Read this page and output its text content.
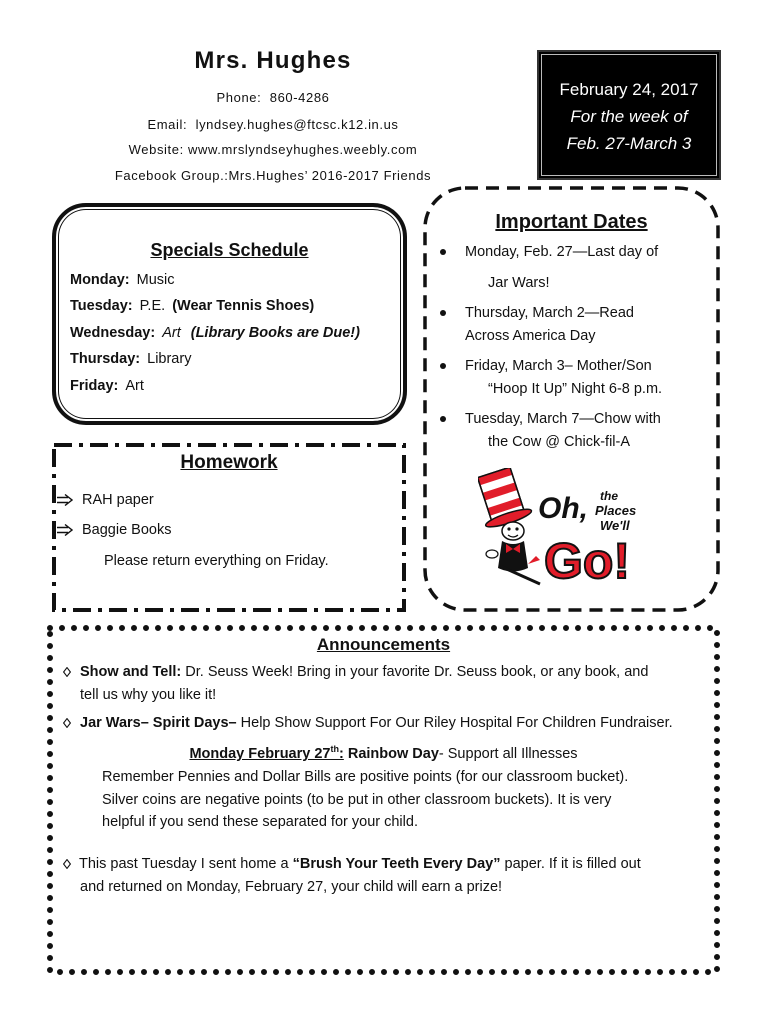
Mrs. Hughes
Phone:  860-4286
Email:  lyndsey.hughes@ftcsc.k12.in.us
Website: www.mrslyndseyhughes.weebly.com
Facebook Group.:Mrs.Hughes’ 2016-2017 Friends
February 24, 2017
For the week of
Feb. 27-March 3
Specials Schedule
Monday: Music
Tuesday: P.E. (Wear Tennis Shoes)
Wednesday: Art (Library Books are Due!)
Thursday: Library
Friday: Art
Homework
RAH paper
Baggie Books
Please return everything on Friday.
Important Dates
Monday, Feb. 27—Last day of
Jar Wars!
Thursday, March 2—Read
Across America Day
Friday, March 3– Mother/Son
“Hoop It Up” Night 6-8 p.m.
Tuesday, March 7—Chow with
the Cow @ Chick-fil-A
Oh, the
Places
We'll
Go!
Announcements
Show and Tell: Dr. Seuss Week! Bring in your favorite Dr. Seuss book, or any book, and
tell us why you like it!
Jar Wars– Spirit Days– Help Show Support For Our Riley Hospital For Children Fundraiser.
Monday February 27th: Rainbow Day- Support all Illnesses
Remember Pennies and Dollar Bills are positive points (for our classroom bucket).
Silver coins are negative points (to be put in other classroom buckets). It is very
helpful if you send these separated for your child.
This past Tuesday I sent home a “Brush Your Teeth Every Day” paper. If it is filled out
and returned on Monday, February 27, your child will earn a prize!
